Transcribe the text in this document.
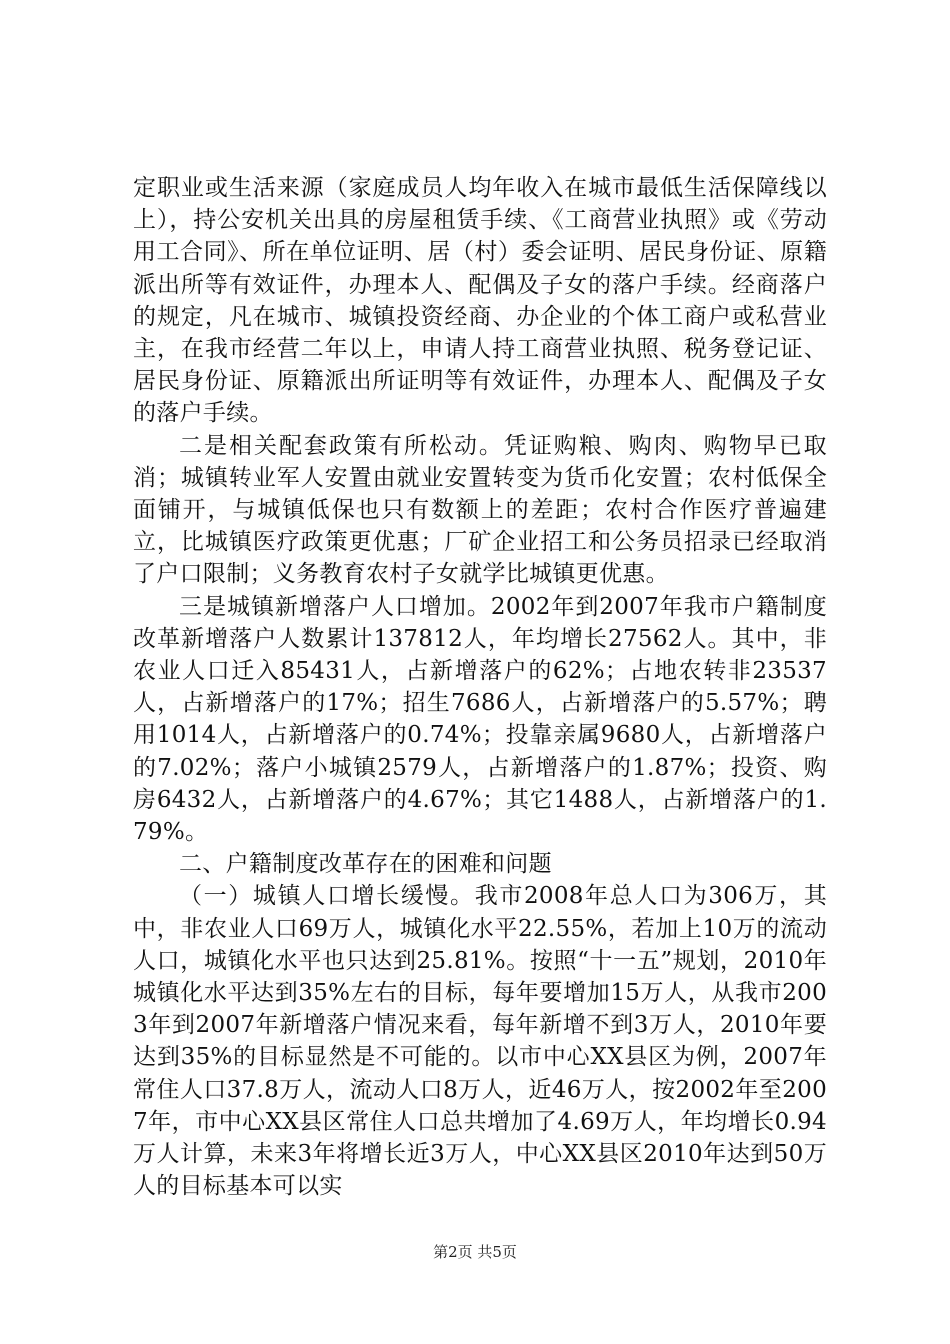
定职业或生活来源（家庭成员人均年收入在城市最低生活保障线以上），持公安机关出具的房屋租赁手续、《工商营业执照》或《劳动用工合同》、所在单位证明、居（村）委会证明、居民身份证、原籍派出所等有效证件，办理本人、配偶及子女的落户手续。经商落户的规定，凡在城市、城镇投资经商、办企业的个体工商户或私营业主，在我市经营二年以上，申请人持工商营业执照、税务登记证、居民身份证、原籍派出所证明等有效证件，办理本人、配偶及子女的落户手续。

二是相关配套政策有所松动。凭证购粮、购肉、购物早已取消；城镇转业军人安置由就业安置转变为货币化安置；农村低保全面铺开，与城镇低保也只有数额上的差距；农村合作医疗普遍建立，比城镇医疗政策更优惠；厂矿企业招工和公务员招录已经取消了户口限制；义务教育农村子女就学比城镇更优惠。

三是城镇新增落户人口增加。2002年到2007年我市户籍制度改革新增落户人数累计137812人，年均增长27562人。其中，非农业人口迁入85431人，占新增落户的62%；占地农转非23537人，占新增落户的17%；招生7686人，占新增落户的5.57%；聘用1014人，占新增落户的0.74%；投靠亲属9680人，占新增落户的7.02%；落户小城镇2579人，占新增落户的1.87%；投资、购房6432人，占新增落户的4.67%；其它1488人，占新增落户的1.79%。

二、户籍制度改革存在的困难和问题

（一）城镇人口增长缓慢。我市2008年总人口为306万，其中，非农业人口69万人，城镇化水平22.55%，若加上10万的流动人口，城镇化水平也只达到25.81%。按照“十一五”规划，2010年城镇化水平达到35%左右的目标，每年要增加15万人，从我市2003年到2007年新增落户情况来看，每年新增不到3万人，2010年要达到35%的目标显然是不可能的。以市中心XX县区为例，2007年常住人口37.8万人，流动人口8万人，近46万人，按2002年至2007年，市中心XX县区常住人口总共增加了4.69万人，年均增长0.94万人计算，未来3年将增长近3万人，中心XX县区2010年达到50万人的目标基本可以实

第2页 共5页
